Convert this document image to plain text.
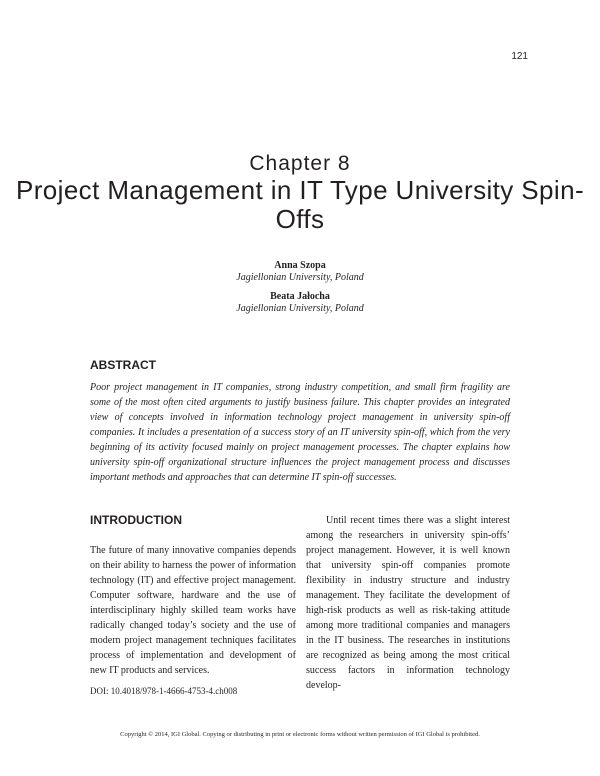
121
Chapter 8
Project Management in IT Type University Spin-Offs
Anna Szopa
Jagiellonian University, Poland
Beata Jałocha
Jagiellonian University, Poland
ABSTRACT
Poor project management in IT companies, strong industry competition, and small firm fragility are some of the most often cited arguments to justify business failure. This chapter provides an integrated view of concepts involved in information technology project management in university spin-off companies. It includes a presentation of a success story of an IT university spin-off, which from the very beginning of its activity focused mainly on project management processes. The chapter explains how university spin-off organizational structure influences the project management process and discusses important methods and approaches that can determine IT spin-off successes.
INTRODUCTION
The future of many innovative companies depends on their ability to harness the power of information technology (IT) and effective project management. Computer software, hardware and the use of interdisciplinary highly skilled team works have radically changed today’s society and the use of modern project management techniques facilitates process of implementation and development of new IT products and services.
Until recent times there was a slight interest among the researchers in university spin-offs’ project management. However, it is well known that university spin-off companies promote flexibility in industry structure and industry management. They facilitate the development of high-risk products as well as risk-taking attitude among more traditional companies and managers in the IT business. The researches in institutions are recognized as being among the most critical success factors in information technology develop-
DOI: 10.4018/978-1-4666-4753-4.ch008
Copyright © 2014, IGI Global. Copying or distributing in print or electronic forms without written permission of IGI Global is prohibited.
